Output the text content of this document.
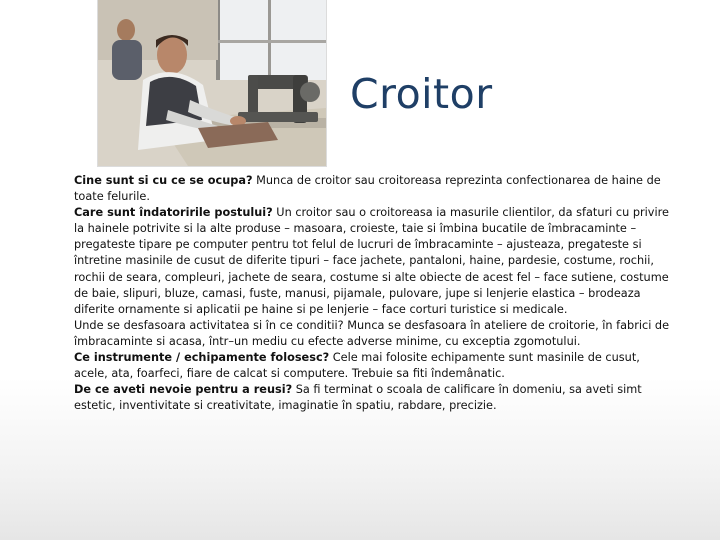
Croitor

Cine sunt si cu ce se ocupa? Munca de croitor sau croitoreasa reprezinta confectionarea de haine de toate felurile.

Care sunt îndatoririle postului? Un croitor sau o croitoreasa ia masurile clientilor, da sfaturi cu privire la hainele potrivite si la alte produse – masoara, croieste, taie si îmbina bucatile de îmbracaminte – pregateste tipare pe computer pentru tot felul de lucruri de îmbracaminte – ajusteaza, pregateste si întretine masinile de cusut de diferite tipuri – face jachete, pantaloni, haine, pardesie, costume, rochii, rochii de seara, compleuri, jachete de seara, costume si alte obiecte de acest fel – face sutiene, costume de baie, slipuri, bluze, camasi, fuste, manusi, pijamale, pulovare, jupe si lenjerie elastica – brodeaza diferite ornamente si aplicatii pe haine si pe lenjerie – face corturi turistice si medicale.

Unde se desfasoara activitatea si în ce conditii? Munca se desfasoara în ateliere de croitorie, în fabrici de îmbracaminte si acasa, într–un mediu cu efecte adverse minime, cu exceptia zgomotului.

Ce instrumente / echipamente folosesc? Cele mai folosite echipamente sunt masinile de cusut, acele, ata, foarfeci, fiare de calcat si computere. Trebuie sa fiti îndemânatic.

De ce aveti nevoie pentru a reusi? Sa fi terminat o scoala de calificare în domeniu, sa aveti simt estetic, inventivitate si creativitate, imaginatie în spatiu, rabdare, precizie.
